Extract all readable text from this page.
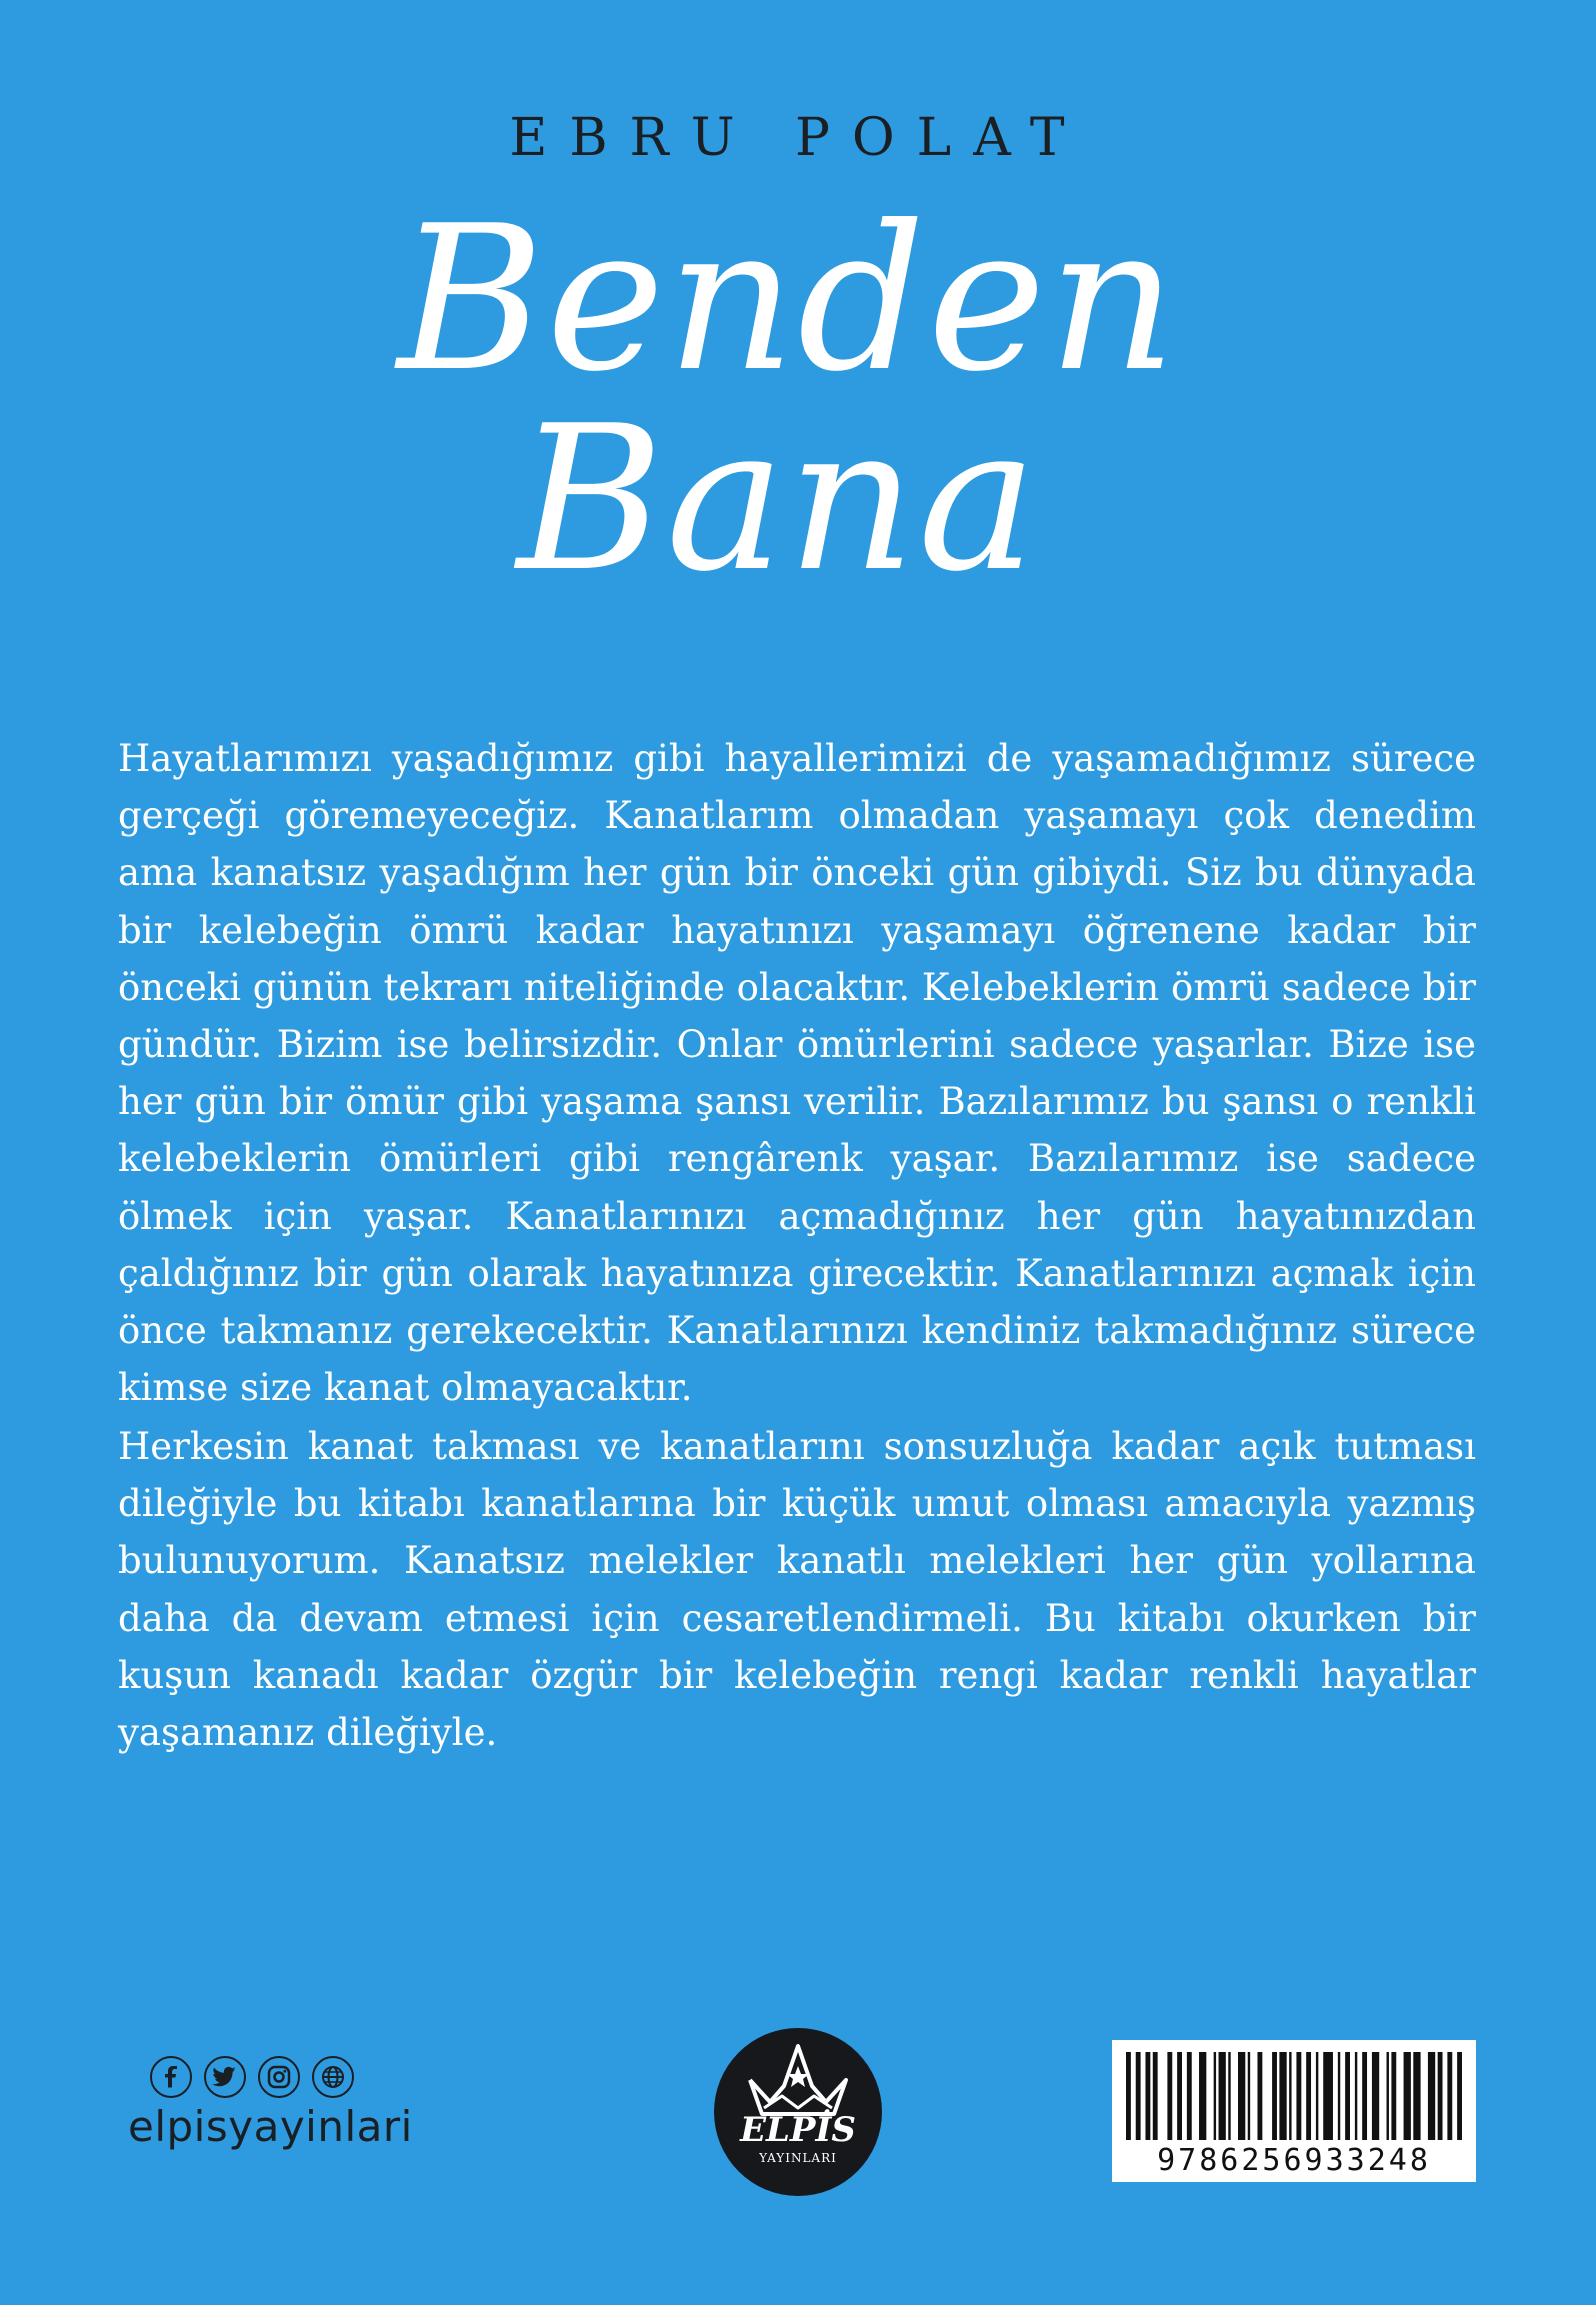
EBRU POLAT
Benden
Bana

Hayatlarımızı yaşadığımız gibi hayallerimizi de yaşamadığımız sürece gerçeği göremeyeceğiz. Kanatlarım olmadan yaşamayı çok denedim ama kanatsız yaşadığım her gün bir önceki gün gibiydi. Siz bu dünyada bir kelebeğin ömrü kadar hayatınızı yaşamayı öğrenene kadar bir önceki günün tekrarı niteliğinde olacaktır. Kelebeklerin ömrü sadece bir gündür. Bizim ise belirsizdir. Onlar ömürlerini sadece yaşarlar. Bize ise her gün bir ömür gibi yaşama şansı verilir. Bazılarımız bu şansı o renkli kelebeklerin ömürleri gibi rengârenk yaşar. Bazılarımız ise sadece ölmek için yaşar. Kanatlarınızı açmadığınız her gün hayatınızdan çaldığınız bir gün olarak hayatınıza girecektir. Kanatlarınızı açmak için önce takmanız gerekecektir. Kanatlarınızı kendiniz takmadığınız sürece kimse size kanat olmayacaktır.

Herkesin kanat takması ve kanatlarını sonsuzluğa kadar açık tutması dileğiyle bu kitabı kanatlarına bir küçük umut olması amacıyla yazmış bulunuyorum. Kanatsız melekler kanatlı melekleri her gün yollarına daha da devam etmesi için cesaretlendirmeli. Bu kitabı okurken bir kuşun kanadı kadar özgür bir kelebeğin rengi kadar renkli hayatlar yaşamanız dileğiyle.

elpisyayinlari	ELPİS
YAYINLARI	9786256933248
